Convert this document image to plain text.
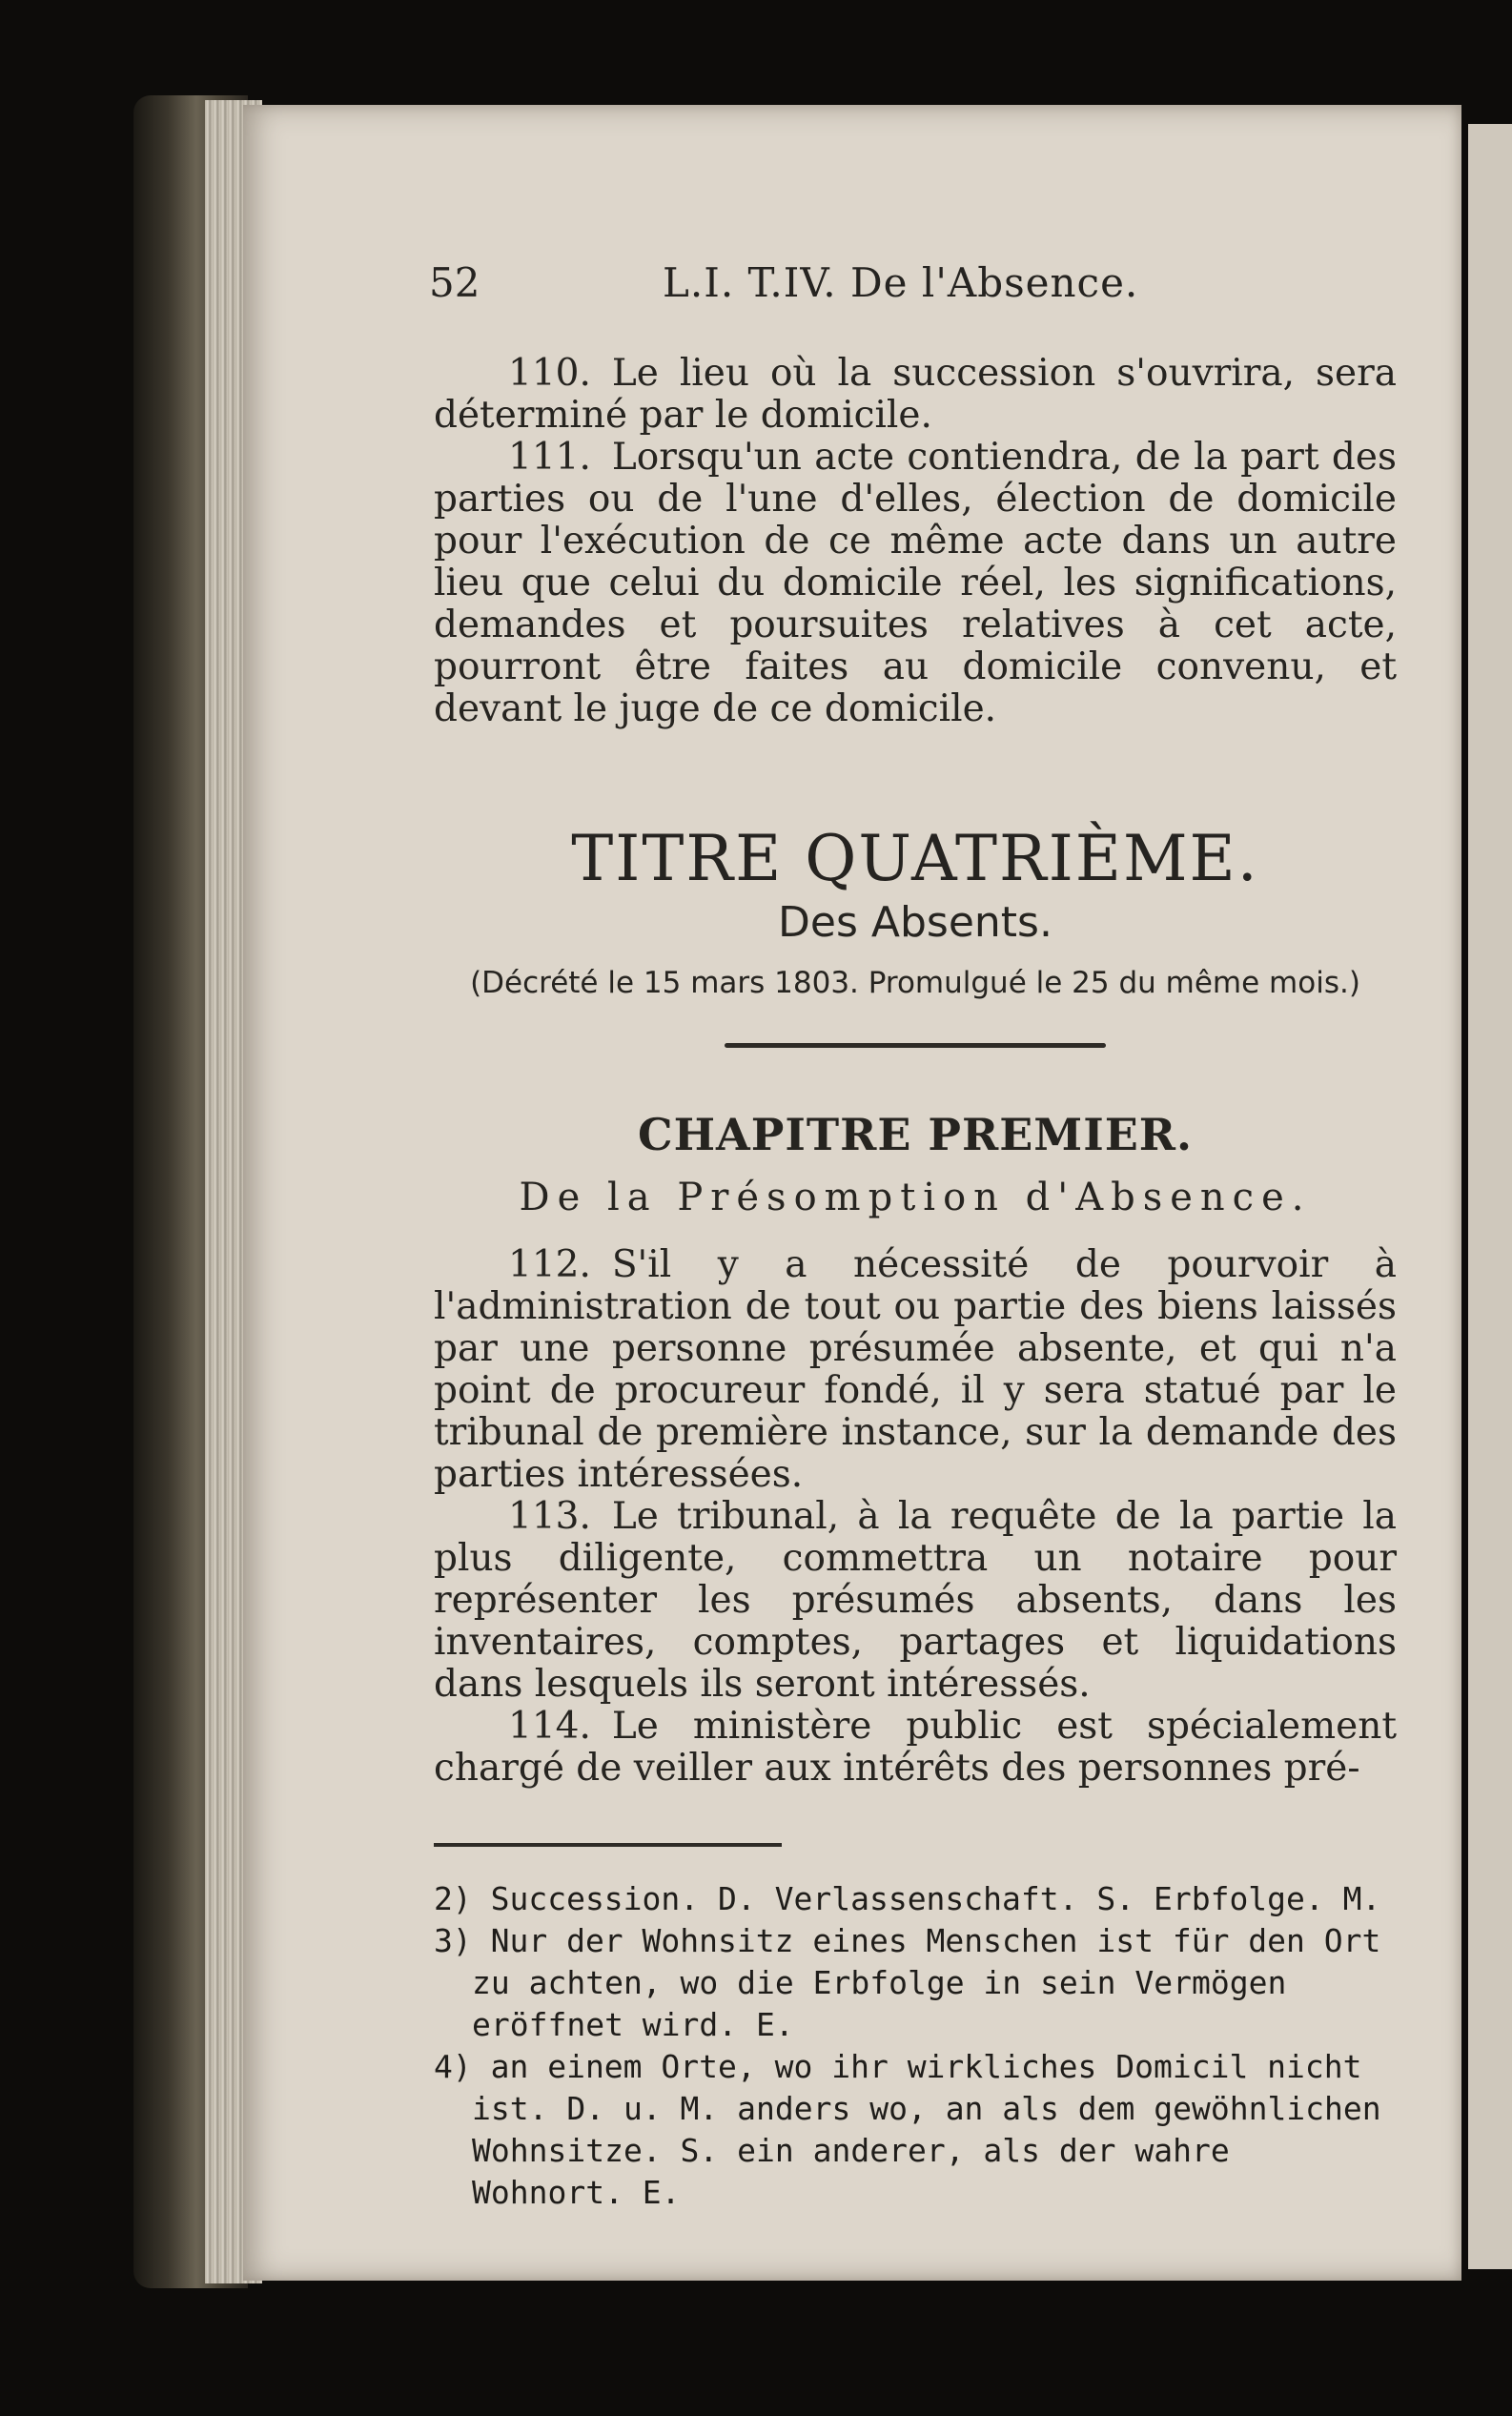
52	L.I. T.IV. De l'Absence.

110. Le lieu où la succession s'ouvrira, sera déterminé par le domicile.

111. Lorsqu'un acte contiendra, de la part des parties ou de l'une d'elles, élection de domicile pour l'exécution de ce même acte dans un autre lieu que celui du domicile réel, les significations, demandes et poursuites relatives à cet acte, pourront être faites au domicile convenu, et devant le juge de ce domicile.

TITRE QUATRIÈME.
Des Absents.
(Décrété le 15 mars 1803. Promulgué le 25 du même mois.)
CHAPITRE PREMIER.
De la Présomption d'Absence.

112. S'il y a nécessité de pourvoir à l'administration de tout ou partie des biens laissés par une personne présumée absente, et qui n'a point de procureur fondé, il y sera statué par le tribunal de première instance, sur la demande des parties intéressées.

113. Le tribunal, à la requête de la partie la plus diligente, commettra un notaire pour représenter les présumés absents, dans les inventaires, comptes, partages et liquidations dans lesquels ils seront intéressés.

114. Le ministère public est spécialement chargé de veiller aux intérêts des personnes pré-

2) Succession. D. Verlassenschaft. S. Erbfolge. M.

3) Nur der Wohnsitz eines Menschen ist für den Ort zu achten, wo die Erbfolge in sein Vermögen eröffnet wird. E.

4) an einem Orte, wo ihr wirkliches Domicil nicht ist. D. u. M. anders wo, an als dem gewöhnlichen Wohnsitze. S. ein anderer, als der wahre Wohnort. E.
